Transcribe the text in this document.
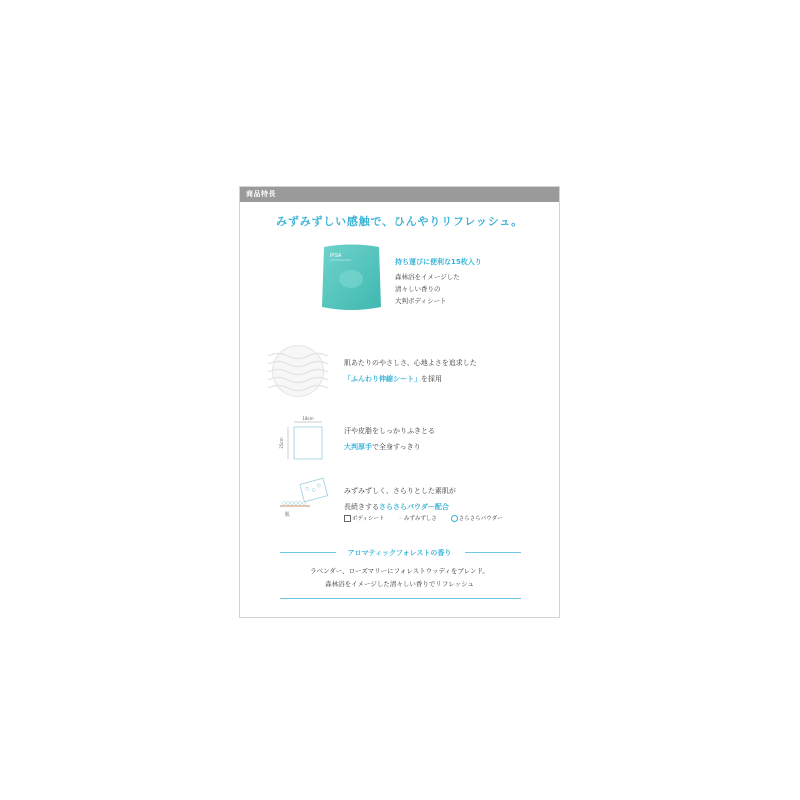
商品特長
みずみずしい感触で、ひんやりリフレッシュ。
IPSA
持ち運びに便利な15枚入り
森林浴をイメージした
清々しい香りの
大判ボディシート
肌あたりのやさしさ、心地よさを追求した
「ふんわり伸縮シート」を採用
18cm
25cm
汗や皮脂をしっかりふきとる
大判厚手で全身すっきり
肌
みずみずしく、さらりとした素肌が
長続きするさらさらパウダー配合
ボディシート	~みずみずしさ	さらさらパウダー
アロマティックフォレストの香り
ラベンダー、ローズマリーにフォレストウッディをブレンド。
森林浴をイメージした清々しい香りでリフレッシュ
